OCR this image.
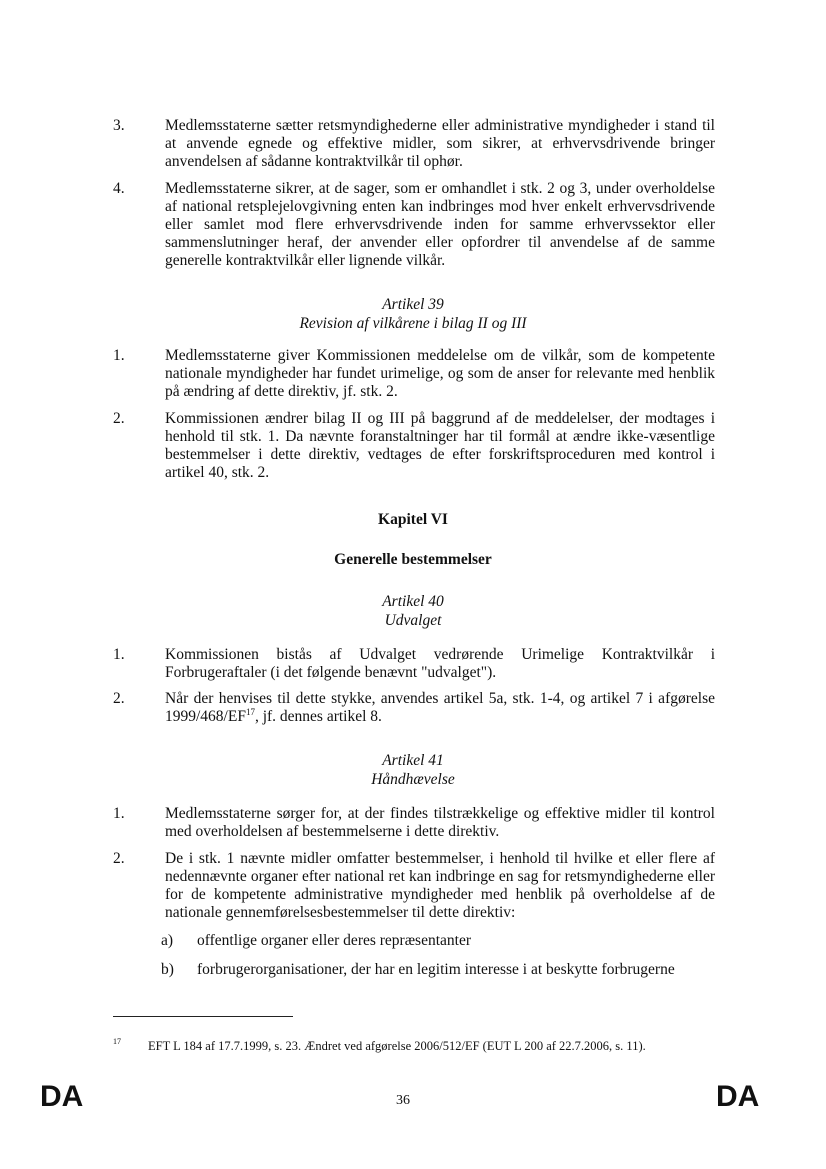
3.	Medlemsstaterne sætter retsmyndighederne eller administrative myndigheder i stand til at anvende egnede og effektive midler, som sikrer, at erhvervsdrivende bringer anvendelsen af sådanne kontraktvilkår til ophør.
4.	Medlemsstaterne sikrer, at de sager, som er omhandlet i stk. 2 og 3, under overholdelse af national retsplejelovgivning enten kan indbringes mod hver enkelt erhvervsdrivende eller samlet mod flere erhvervsdrivende inden for samme erhvervssektor eller sammenslutninger heraf, der anvender eller opfordrer til anvendelse af de samme generelle kontraktvilkår eller lignende vilkår.
Artikel 39
Revision af vilkårene i bilag II og III
1.	Medlemsstaterne giver Kommissionen meddelelse om de vilkår, som de kompetente nationale myndigheder har fundet urimelige, og som de anser for relevante med henblik på ændring af dette direktiv, jf. stk. 2.
2.	Kommissionen ændrer bilag II og III på baggrund af de meddelelser, der modtages i henhold til stk. 1. Da nævnte foranstaltninger har til formål at ændre ikke-væsentlige bestemmelser i dette direktiv, vedtages de efter forskriftsproceduren med kontrol i artikel 40, stk. 2.
Kapitel VI
Generelle bestemmelser
Artikel 40
Udvalget
1.	Kommissionen bistås af Udvalget vedrørende Urimelige Kontraktvilkår i Forbrugeraftaler (i det følgende benævnt "udvalget").
2.	Når der henvises til dette stykke, anvendes artikel 5a, stk. 1-4, og artikel 7 i afgørelse 1999/468/EF$^{17}$, jf. dennes artikel 8.
Artikel 41
Håndhævelse
1.	Medlemsstaterne sørger for, at der findes tilstrækkelige og effektive midler til kontrol med overholdelsen af bestemmelserne i dette direktiv.
2.	De i stk. 1 nævnte midler omfatter bestemmelser, i henhold til hvilke et eller flere af nedennævnte organer efter national ret kan indbringe en sag for retsmyndighederne eller for de kompetente administrative myndigheder med henblik på overholdelse af de nationale gennemførelsesbestemmelser til dette direktiv:
a) offentlige organer eller deres repræsentanter
b) forbrugerorganisationer, der har en legitim interesse i at beskytte forbrugerne
17 EFT L 184 af 17.7.1999, s. 23. Ændret ved afgørelse 2006/512/EF (EUT L 200 af 22.7.2006, s. 11).
DA	36	DA
